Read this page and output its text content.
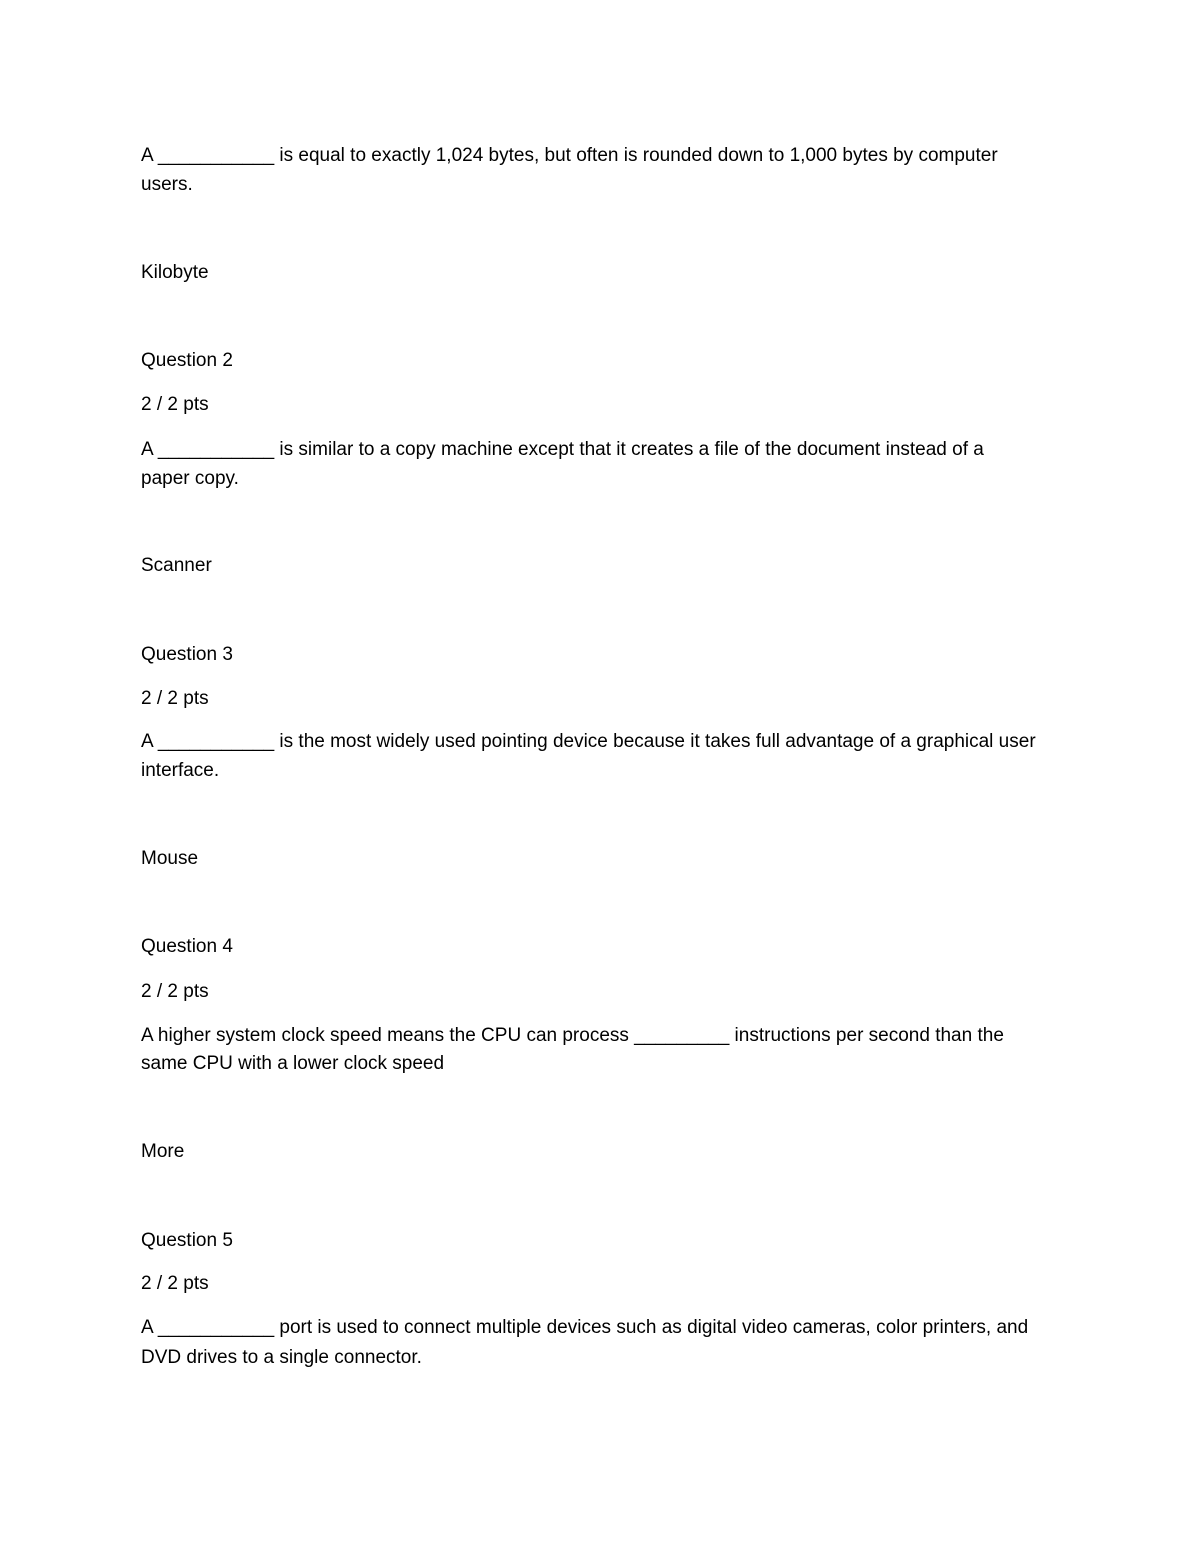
A ___________ is equal to exactly 1,024 bytes, but often is rounded down to 1,000 bytes by computer
users.
Kilobyte
Question 2
2 / 2 pts
A ___________ is similar to a copy machine except that it creates a file of the document instead of a
paper copy.
Scanner
Question 3
2 / 2 pts
A ___________ is the most widely used pointing device because it takes full advantage of a graphical user
interface.
Mouse
Question 4
2 / 2 pts
A higher system clock speed means the CPU can process _________ instructions per second than the
same CPU with a lower clock speed
More
Question 5
2 / 2 pts
A ___________ port is used to connect multiple devices such as digital video cameras, color printers, and
DVD drives to a single connector.
